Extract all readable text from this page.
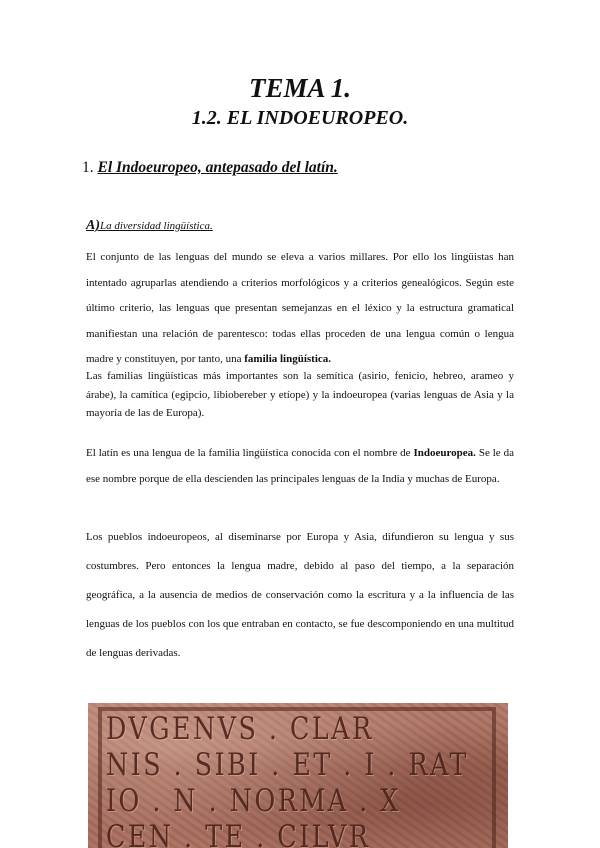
TEMA 1.
1.2. EL INDOEUROPEO.
1. El Indoeuropeo, antepasado del latín.
A)La diversidad lingüística.

El conjunto de las lenguas del mundo se eleva a varios millares. Por ello los lingüistas han intentado agruparlas atendiendo a criterios morfológicos y a criterios genealógicos. Según este último criterio, las lenguas que presentan semejanzas en el léxico y la estructura gramatical manifiestan una relación de parentesco: todas ellas proceden de una lengua común o lengua madre y constituyen, por tanto, una familia lingüística.

Las familias lingüísticas más importantes son la semítica (asirio, fenicio, hebreo, arameo y árabe), la camítica (egipcio, libiobereber y etíope) y la indoeuropea (varias lenguas de Asia y la mayoría de las de Europa).

El latín es una lengua de la familia lingüística conocida con el nombre de Indoeuropea. Se le da ese nombre porque de ella descienden las principales lenguas de la India y muchas de Europa.

Los pueblos indoeuropeos, al diseminarse por Europa y Asia, difundieron su lengua y sus costumbres. Pero entonces la lengua madre, debido al paso del tiempo, a la separación geográfica, a la ausencia de medios de conservación como la escritura y a la influencia de las lenguas de los pueblos con los que entraban en contacto, se fue descomponiendo en una multitud de lenguas derivadas.

DVGENVS . CLAR
NIS . SIBI . ET . I . RAT
IO . N . NORMA . X
CEN . TE . CILVR
